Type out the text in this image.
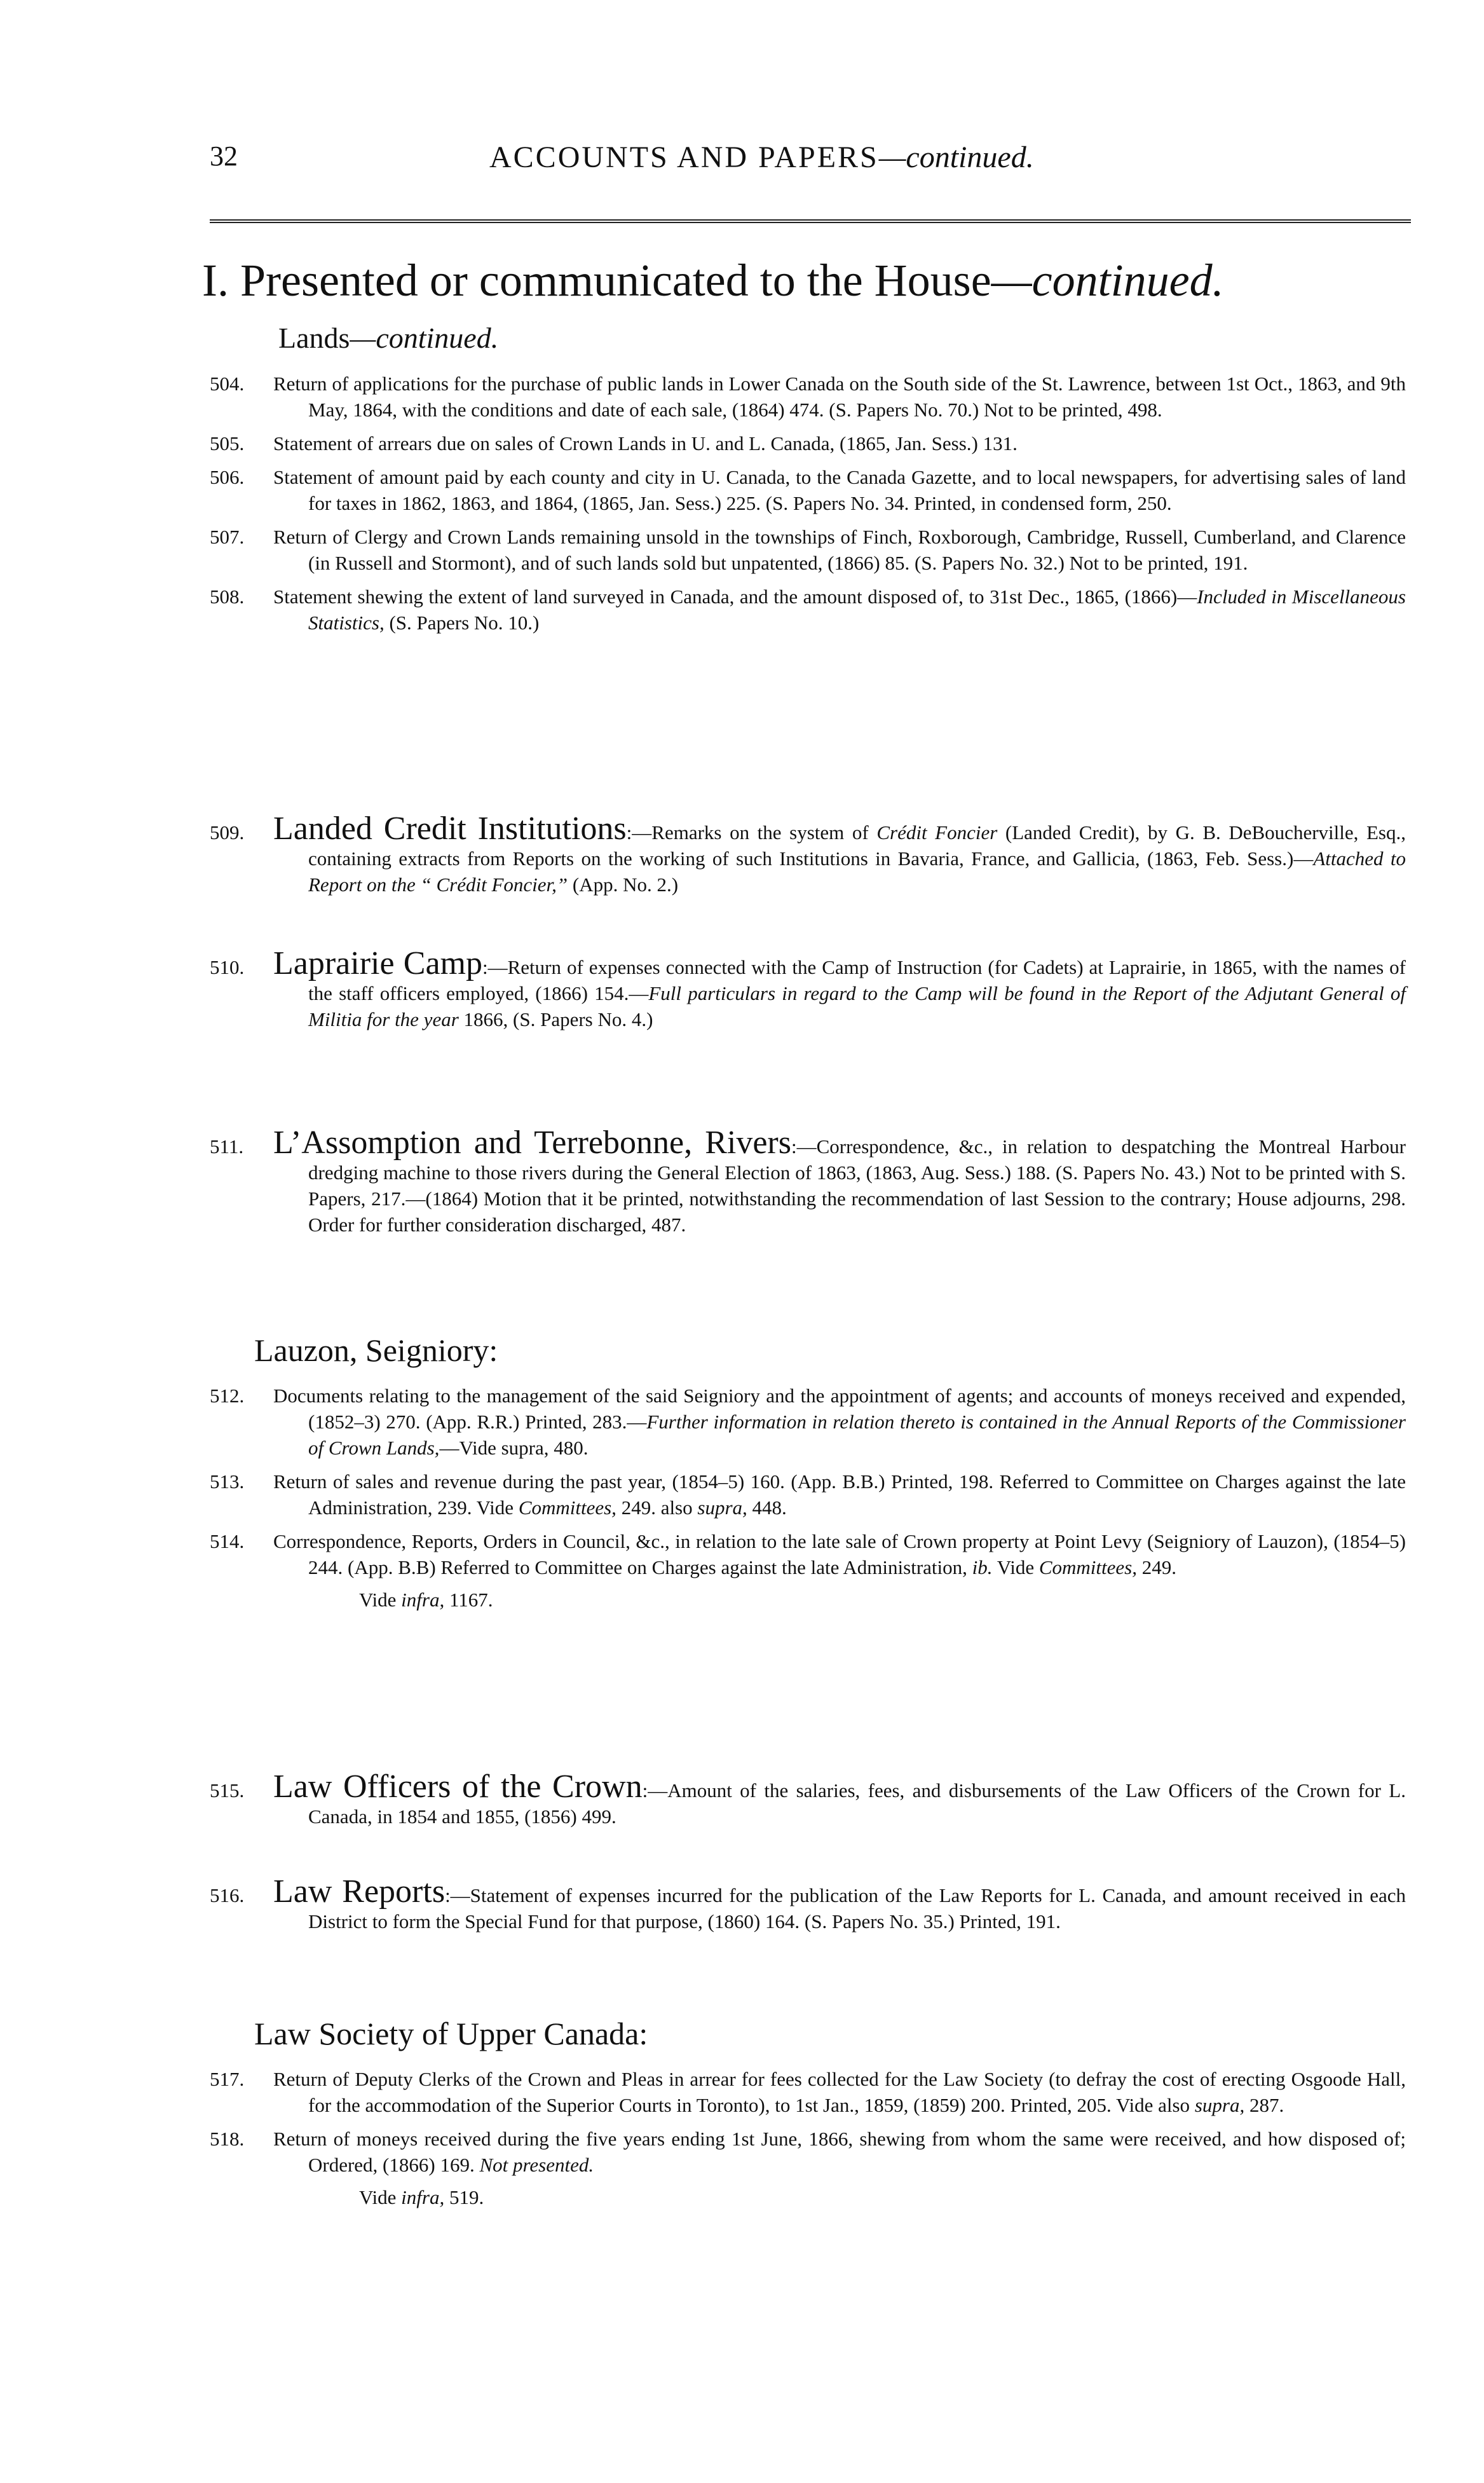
32	ACCOUNTS AND PAPERS—continued.
I. Presented or communicated to the House—continued.
Lands—continued.

504. Return of applications for the purchase of public lands in Lower Canada on the South side of the St. Lawrence, between 1st Oct., 1863, and 9th May, 1864, with the conditions and date of each sale, (1864) 474. (S. Papers No. 70.) Not to be printed, 498.

505. Statement of arrears due on sales of Crown Lands in U. and L. Canada, (1865, Jan. Sess.) 131.

506. Statement of amount paid by each county and city in U. Canada, to the Canada Gazette, and to local newspapers, for advertising sales of land for taxes in 1862, 1863, and 1864, (1865, Jan. Sess.) 225. (S. Papers No. 34. Printed, in condensed form, 250.

507. Return of Clergy and Crown Lands remaining unsold in the townships of Finch, Roxborough, Cambridge, Russell, Cumberland, and Clarence (in Russell and Stormont), and of such lands sold but unpatented, (1866) 85. (S. Papers No. 32.) Not to be printed, 191.

508. Statement shewing the extent of land surveyed in Canada, and the amount disposed of, to 31st Dec., 1865, (1866)—Included in Miscellaneous Statistics, (S. Papers No. 10.)

509. Landed Credit Institutions:—Remarks on the system of Crédit Foncier (Landed Credit), by G. B. DeBoucherville, Esq., containing extracts from Reports on the working of such Institutions in Bavaria, France, and Gallicia, (1863, Feb. Sess.)—Attached to Report on the “ Crédit Foncier,” (App. No. 2.)

510. Laprairie Camp:—Return of expenses connected with the Camp of Instruction (for Cadets) at Laprairie, in 1865, with the names of the staff officers employed, (1866) 154.—Full particulars in regard to the Camp will be found in the Report of the Adjutant General of Militia for the year 1866, (S. Papers No. 4.)

511. L’Assomption and Terrebonne, Rivers:—Correspondence, &c., in relation to despatching the Montreal Harbour dredging machine to those rivers during the General Election of 1863, (1863, Aug. Sess.) 188. (S. Papers No. 43.) Not to be printed with S. Papers, 217.—(1864) Motion that it be printed, notwithstanding the recommendation of last Session to the contrary; House adjourns, 298. Order for further consideration discharged, 487.

Lauzon, Seigniory:

512. Documents relating to the management of the said Seigniory and the appointment of agents; and accounts of moneys received and expended, (1852–3) 270. (App. R.R.) Printed, 283.—Further information in relation thereto is contained in the Annual Reports of the Commissioner of Crown Lands,—Vide supra, 480.

513. Return of sales and revenue during the past year, (1854–5) 160. (App. B.B.) Printed, 198. Referred to Committee on Charges against the late Administration, 239. Vide Committees, 249. also supra, 448.

514. Correspondence, Reports, Orders in Council, &c., in relation to the late sale of Crown property at Point Levy (Seigniory of Lauzon), (1854–5) 244. (App. B.B) Referred to Committee on Charges against the late Administration, ib. Vide Committees, 249.

Vide infra, 1167.

515. Law Officers of the Crown:—Amount of the salaries, fees, and disbursements of the Law Officers of the Crown for L. Canada, in 1854 and 1855, (1856) 499.

516. Law Reports:—Statement of expenses incurred for the publication of the Law Reports for L. Canada, and amount received in each District to form the Special Fund for that purpose, (1860) 164. (S. Papers No. 35.) Printed, 191.

Law Society of Upper Canada:

517. Return of Deputy Clerks of the Crown and Pleas in arrear for fees collected for the Law Society (to defray the cost of erecting Osgoode Hall, for the accommodation of the Superior Courts in Toronto), to 1st Jan., 1859, (1859) 200. Printed, 205. Vide also supra, 287.

518. Return of moneys received during the five years ending 1st June, 1866, shewing from whom the same were received, and how disposed of; Ordered, (1866) 169. Not presented.

Vide infra, 519.
